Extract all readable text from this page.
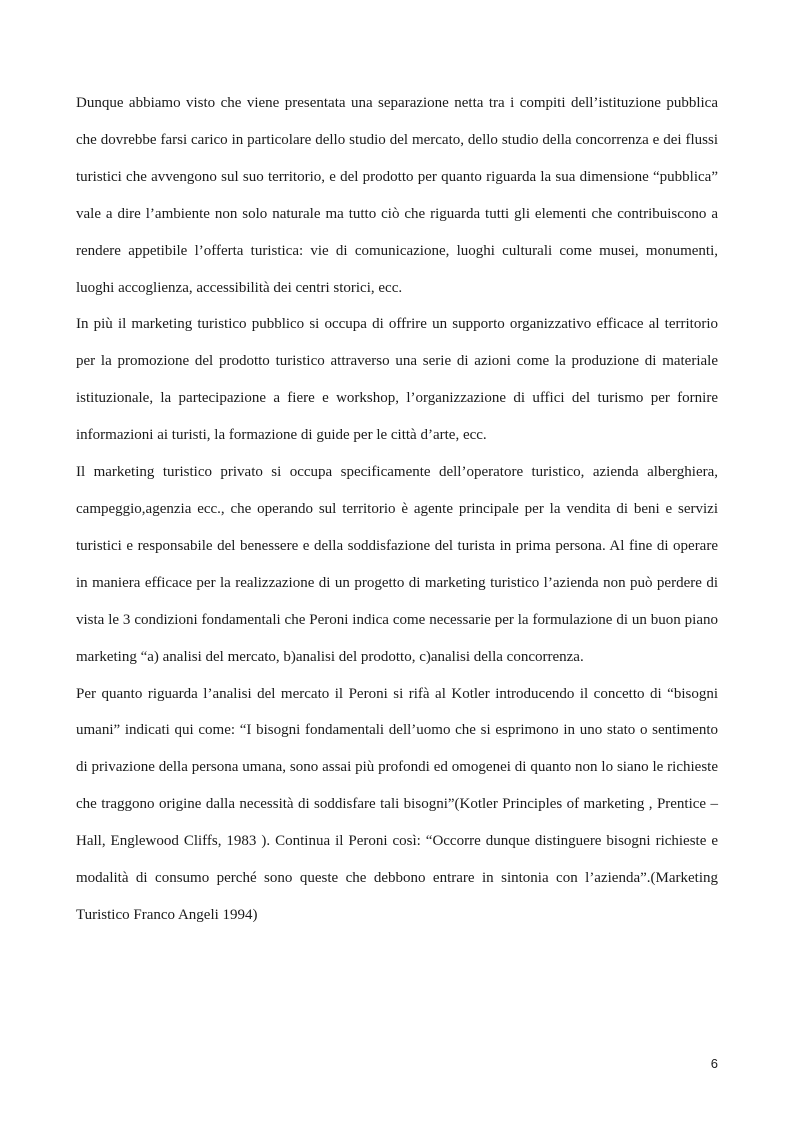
Dunque abbiamo visto che viene presentata una separazione netta tra i compiti dell’istituzione pubblica che dovrebbe farsi carico in particolare dello studio del mercato, dello studio della concorrenza e dei flussi turistici che avvengono sul suo territorio, e del prodotto per quanto riguarda la sua dimensione “pubblica” vale a dire l’ambiente non solo naturale ma tutto ciò che riguarda tutti gli elementi che contribuiscono a rendere appetibile l’offerta turistica: vie di comunicazione, luoghi culturali come musei, monumenti, luoghi accoglienza, accessibilità dei centri storici, ecc.

In più il marketing turistico pubblico si occupa di offrire un supporto organizzativo efficace al territorio per la promozione del prodotto turistico attraverso una serie di azioni come la produzione di materiale istituzionale, la partecipazione a fiere e workshop, l’organizzazione di uffici del turismo per fornire informazioni ai turisti, la formazione di guide per le città d’arte, ecc.

Il marketing turistico privato si occupa specificamente dell’operatore turistico, azienda alberghiera, campeggio,agenzia ecc., che operando sul territorio è agente principale per la vendita di beni e servizi turistici e responsabile del benessere e della soddisfazione del turista in prima persona. Al fine di operare in maniera efficace per la realizzazione di un progetto di marketing turistico l’azienda non può perdere di vista le 3 condizioni fondamentali che Peroni indica come necessarie per la formulazione di un buon piano marketing “a) analisi del mercato, b)analisi del prodotto, c)analisi della concorrenza.

Per quanto riguarda l’analisi del mercato il Peroni si rifà al Kotler introducendo il concetto di “bisogni umani” indicati qui come: “I bisogni fondamentali dell’uomo che si esprimono in uno stato o sentimento di privazione della persona umana, sono assai più profondi ed omogenei di quanto non lo siano le richieste che traggono origine dalla necessità di soddisfare tali bisogni”(Kotler Principles of marketing , Prentice – Hall, Englewood Cliffs, 1983 ). Continua il Peroni così: “Occorre dunque distinguere bisogni richieste e modalità di consumo perché sono queste che debbono entrare in sintonia con l’azienda”.(Marketing Turistico Franco Angeli 1994)

6
